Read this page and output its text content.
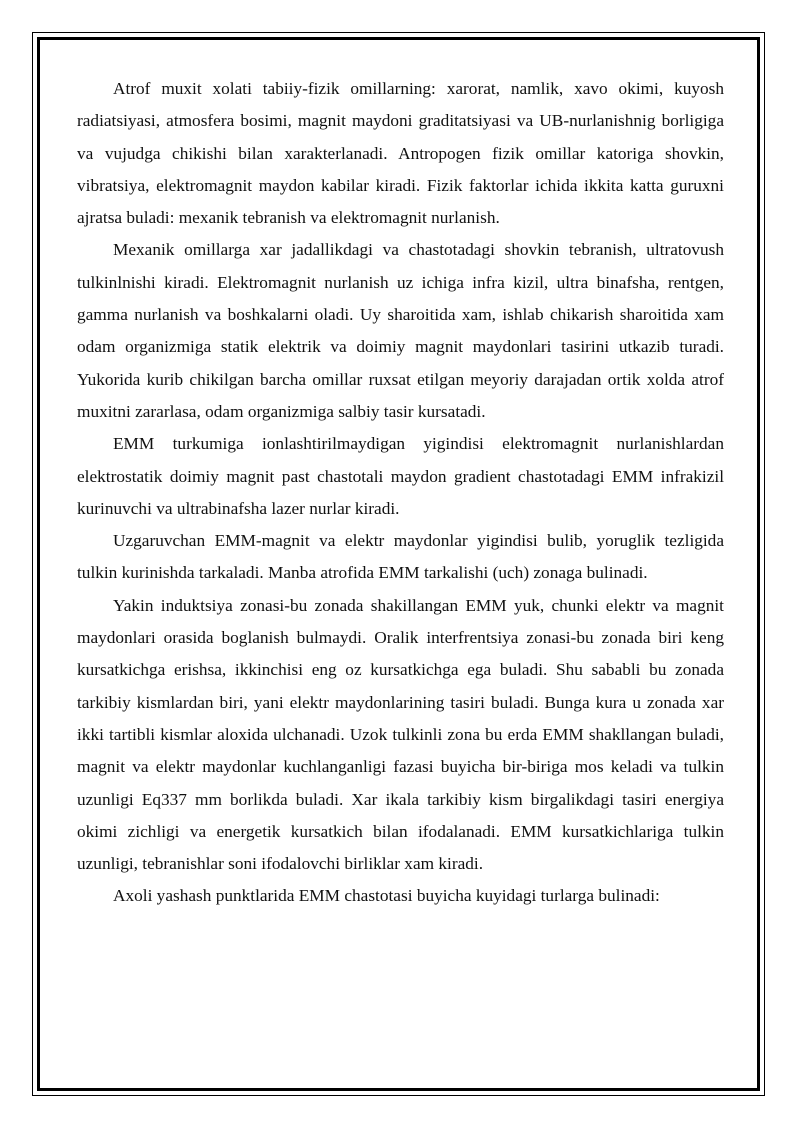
Atrof muxit xolati tabiiy-fizik omillarning: xarorat, namlik, xavo okimi, kuyosh radiatsiyasi, atmosfera bosimi, magnit maydoni graditatsiyasi va UB-nurlanishnig borligiga va vujudga chikishi bilan xarakterlanadi. Antropogen fizik omillar katoriga shovkin, vibratsiya, elektromagnit maydon kabilar kiradi. Fizik faktorlar ichida ikkita katta guruxni ajratsa buladi: mexanik tebranish va elektromagnit nurlanish.

Mexanik omillarga xar jadallikdagi va chastotadagi shovkin tebranish, ultratovush tulkinlnishi kiradi. Elektromagnit nurlanish uz ichiga infra kizil, ultra binafsha, rentgen, gamma nurlanish va boshkalarni oladi. Uy sharoitida xam, ishlab chikarish sharoitida xam odam organizmiga statik elektrik va doimiy magnit maydonlari tasirini utkazib turadi. Yukorida kurib chikilgan barcha omillar ruxsat etilgan meyoriy darajadan ortik xolda atrof muxitni zararlasa, odam organizmiga salbiy tasir kursatadi.

EMM turkumiga ionlashtirilmaydigan yigindisi elektromagnit nurlanishlardan elektrostatik doimiy magnit past chastotali maydon gradient chastotadagi EMM infrakizil kurinuvchi va ultrabinafsha lazer nurlar kiradi.

Uzgaruvchan EMM-magnit va elektr maydonlar yigindisi bulib, yoruglik tezligida tulkin kurinishda tarkaladi. Manba atrofida EMM tarkalishi (uch) zonaga bulinadi.

Yakin induktsiya zonasi-bu zonada shakillangan EMM yuk, chunki elektr va magnit maydonlari orasida boglanish bulmaydi. Oralik interfrentsiya zonasi-bu zonada biri keng kursatkichga erishsa, ikkinchisi eng oz kursatkichga ega buladi. Shu sababli bu zonada tarkibiy kismlardan biri, yani elektr maydonlarining tasiri buladi. Bunga kura u zonada xar ikki tartibli kismlar aloxida ulchanadi. Uzok tulkinli zona bu erda EMM shakllangan buladi, magnit va elektr maydonlar kuchlanganligi fazasi buyicha bir-biriga mos keladi va tulkin uzunligi Eq337 mm borlikda buladi. Xar ikala tarkibiy kism birgalikdagi tasiri energiya okimi zichligi va energetik kursatkich bilan ifodalanadi. EMM kursatkichlariga tulkin uzunligi, tebranishlar soni ifodalovchi birliklar xam kiradi.

Axoli yashash punktlarida EMM chastotasi buyicha kuyidagi turlarga bulinadi:
